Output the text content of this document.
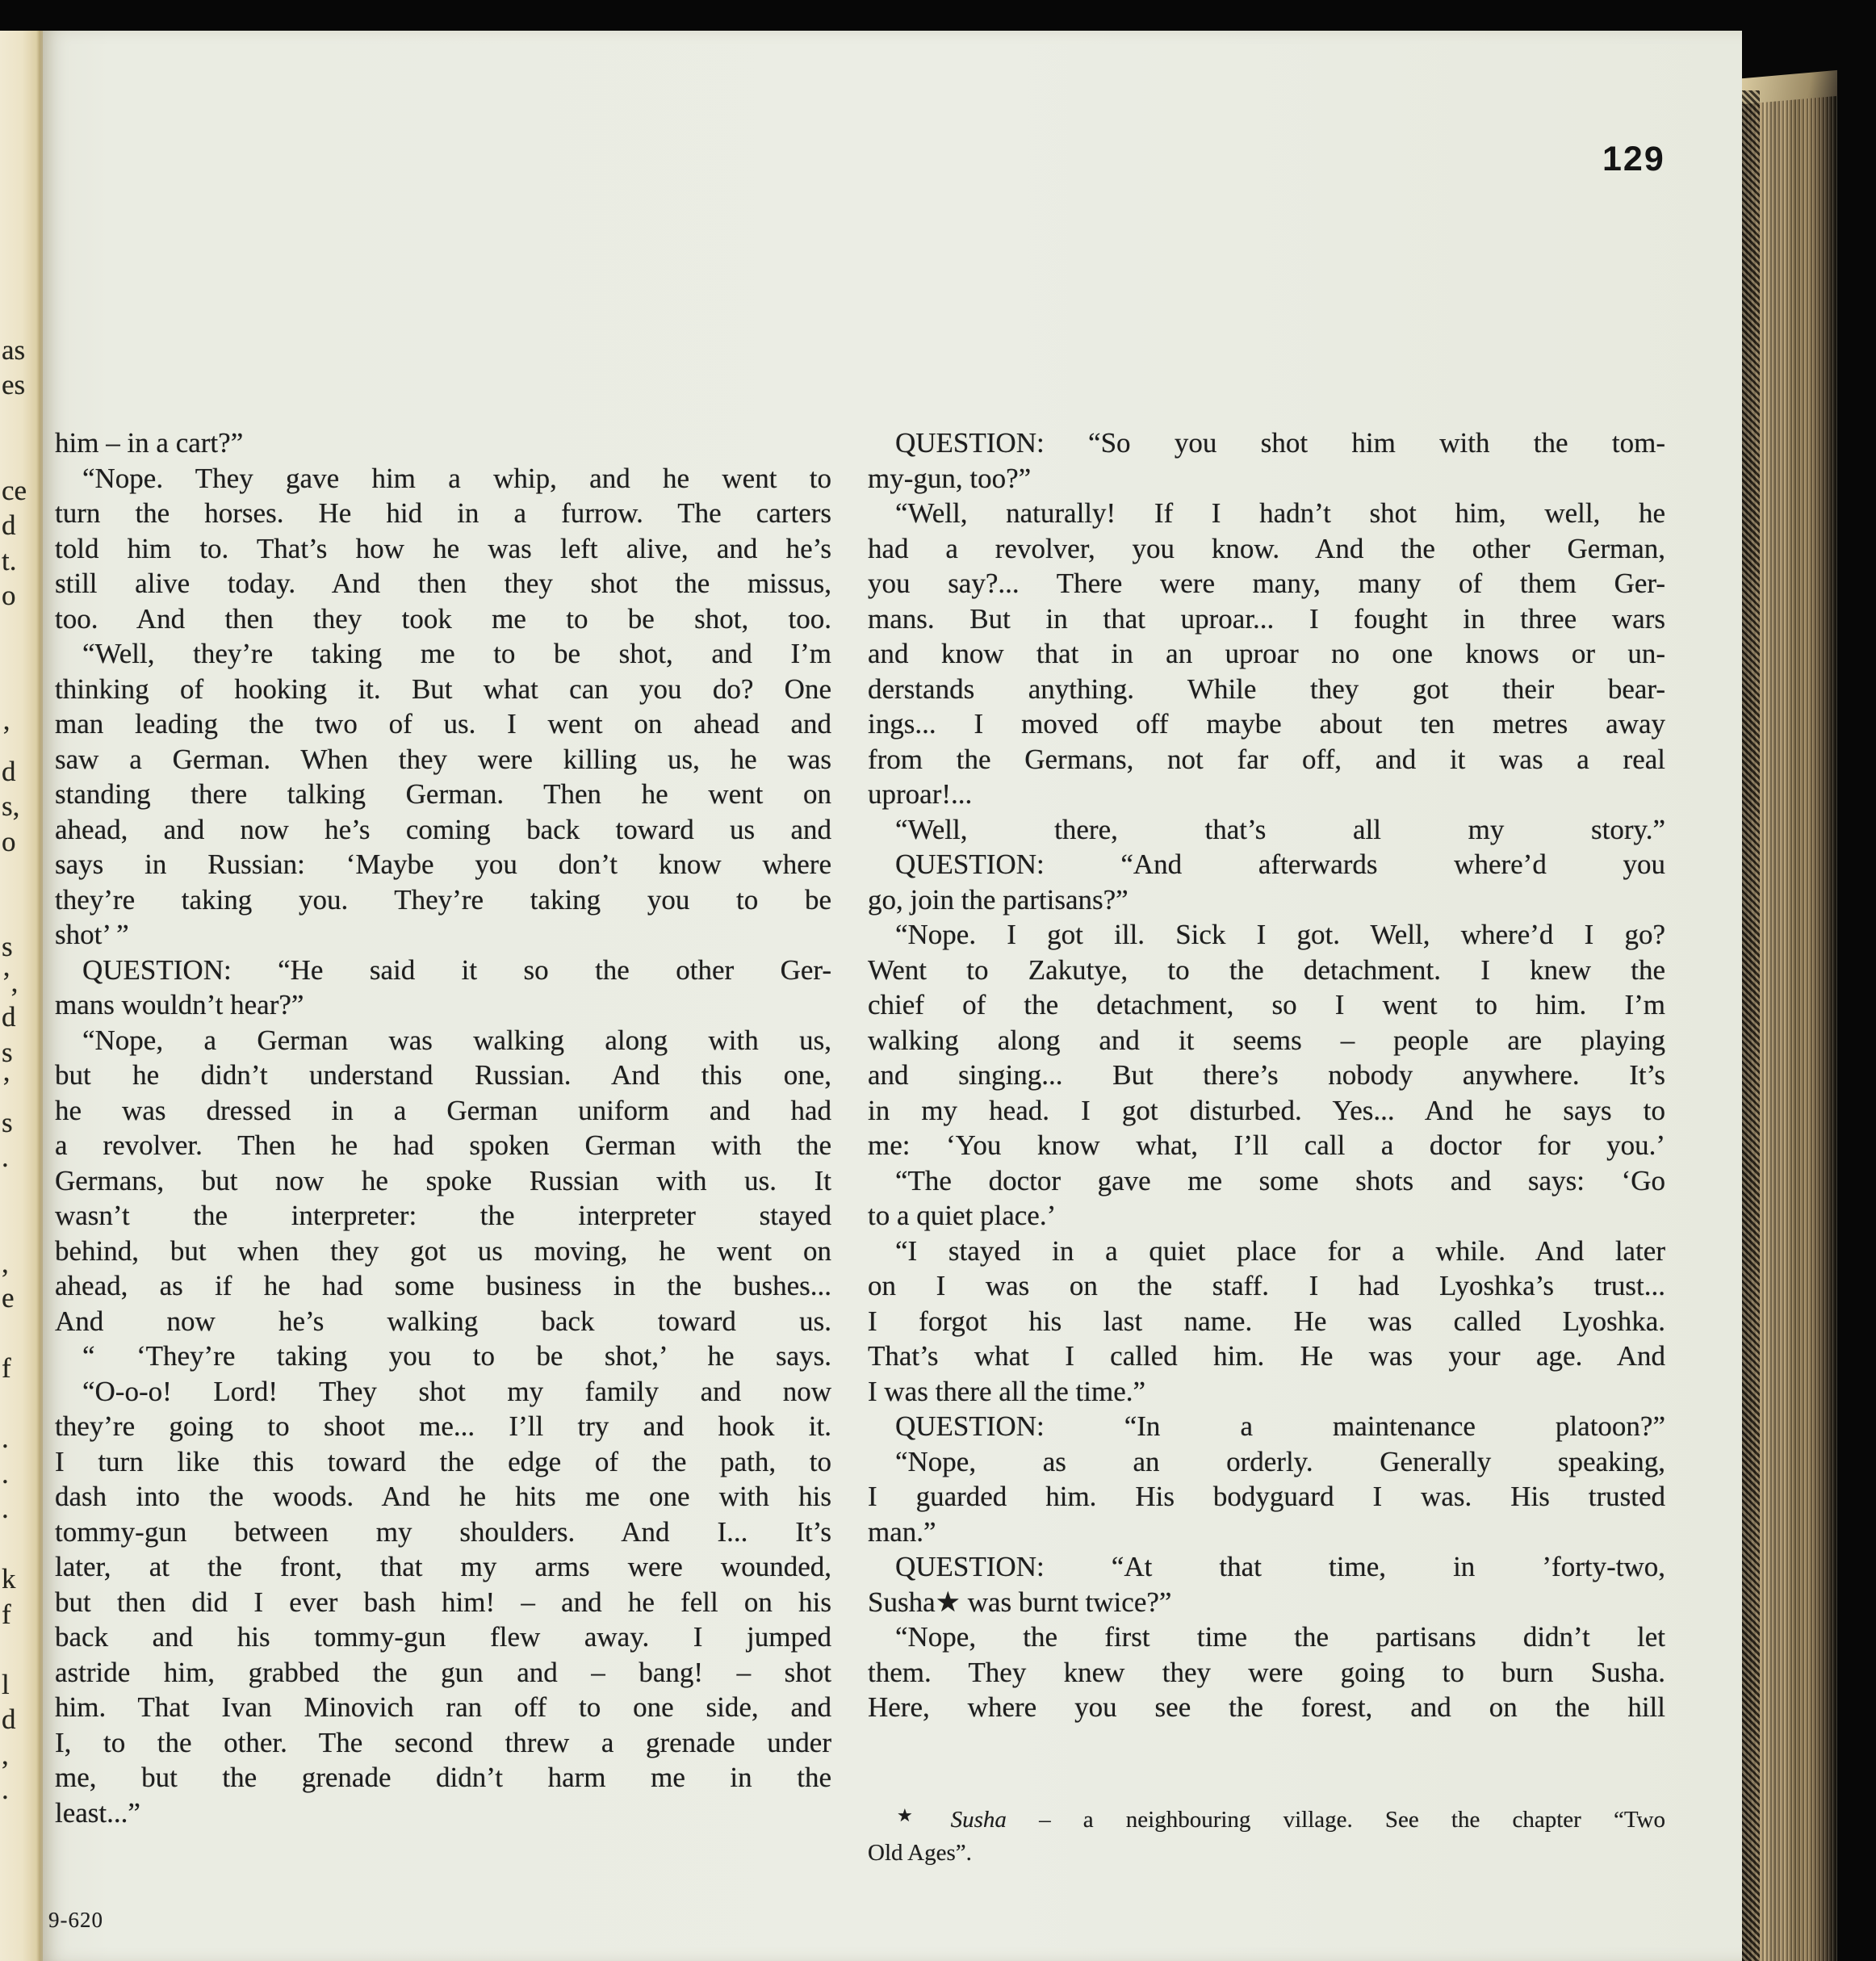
as
es
ce
d
t.
o
’
d
s,
o
s
’,
d
s
’
s
.
,
e
f
.
.
.
k
f
l
d
,
.
129
him – in a cart?”
“Nope. They gave him a whip, and he went to
turn the horses. He hid in a furrow. The carters
told him to. That’s how he was left alive, and he’s
still alive today. And then they shot the missus,
too. And then they took me to be shot, too.
“Well, they’re taking me to be shot, and I’m
thinking of hooking it. But what can you do? One
man leading the two of us. I went on ahead and
saw a German. When they were killing us, he was
standing there talking German. Then he went on
ahead, and now he’s coming back toward us and
says in Russian: ‘Maybe you don’t know where
they’re taking you. They’re taking you to be
shot’ ”
QUESTION: “He said it so the other Ger-
mans wouldn’t hear?”
“Nope, a German was walking along with us,
but he didn’t understand Russian. And this one,
he was dressed in a German uniform and had
a revolver. Then he had spoken German with the
Germans, but now he spoke Russian with us. It
wasn’t the interpreter: the interpreter stayed
behind, but when they got us moving, he went on
ahead, as if he had some business in the bushes...
And now he’s walking back toward us.
“ ‘They’re taking you to be shot,’ he says.
“O-o-o! Lord! They shot my family and now
they’re going to shoot me... I’ll try and hook it.
I turn like this toward the edge of the path, to
dash into the woods. And he hits me one with his
tommy-gun between my shoulders. And I... It’s
later, at the front, that my arms were wounded,
but then did I ever bash him! – and he fell on his
back and his tommy-gun flew away. I jumped
astride him, grabbed the gun and – bang! – shot
him. That Ivan Minovich ran off to one side, and
I, to the other. The second threw a grenade under
me, but the grenade didn’t harm me in the
least...”
QUESTION: “So you shot him with the tom-
my-gun, too?”
“Well, naturally! If I hadn’t shot him, well, he
had a revolver, you know. And the other German,
you say?... There were many, many of them Ger-
mans. But in that uproar... I fought in three wars
and know that in an uproar no one knows or un-
derstands anything. While they got their bear-
ings... I moved off maybe about ten metres away
from the Germans, not far off, and it was a real
uproar!...
“Well, there, that’s all my story.”
QUESTION: “And afterwards where’d you
go, join the partisans?”
“Nope. I got ill. Sick I got. Well, where’d I go?
Went to Zakutye, to the detachment. I knew the
chief of the detachment, so I went to him. I’m
walking along and it seems – people are playing
and singing... But there’s nobody anywhere. It’s
in my head. I got disturbed. Yes... And he says to
me: ‘You know what, I’ll call a doctor for you.’
“The doctor gave me some shots and says: ‘Go
to a quiet place.’
“I stayed in a quiet place for a while. And later
on I was on the staff. I had Lyoshka’s trust...
I forgot his last name. He was called Lyoshka.
That’s what I called him. He was your age. And
I was there all the time.”
QUESTION: “In a maintenance platoon?”
“Nope, as an orderly. Generally speaking,
I guarded him. His bodyguard I was. His trusted
man.”
QUESTION: “At that time, in ’forty-two,
Susha★ was burnt twice?”
“Nope, the first time the partisans didn’t let
them. They knew they were going to burn Susha.
Here, where you see the forest, and on the hill
★ Susha – a neighbouring village. See the chapter “Two
Old Ages”.
9-620
